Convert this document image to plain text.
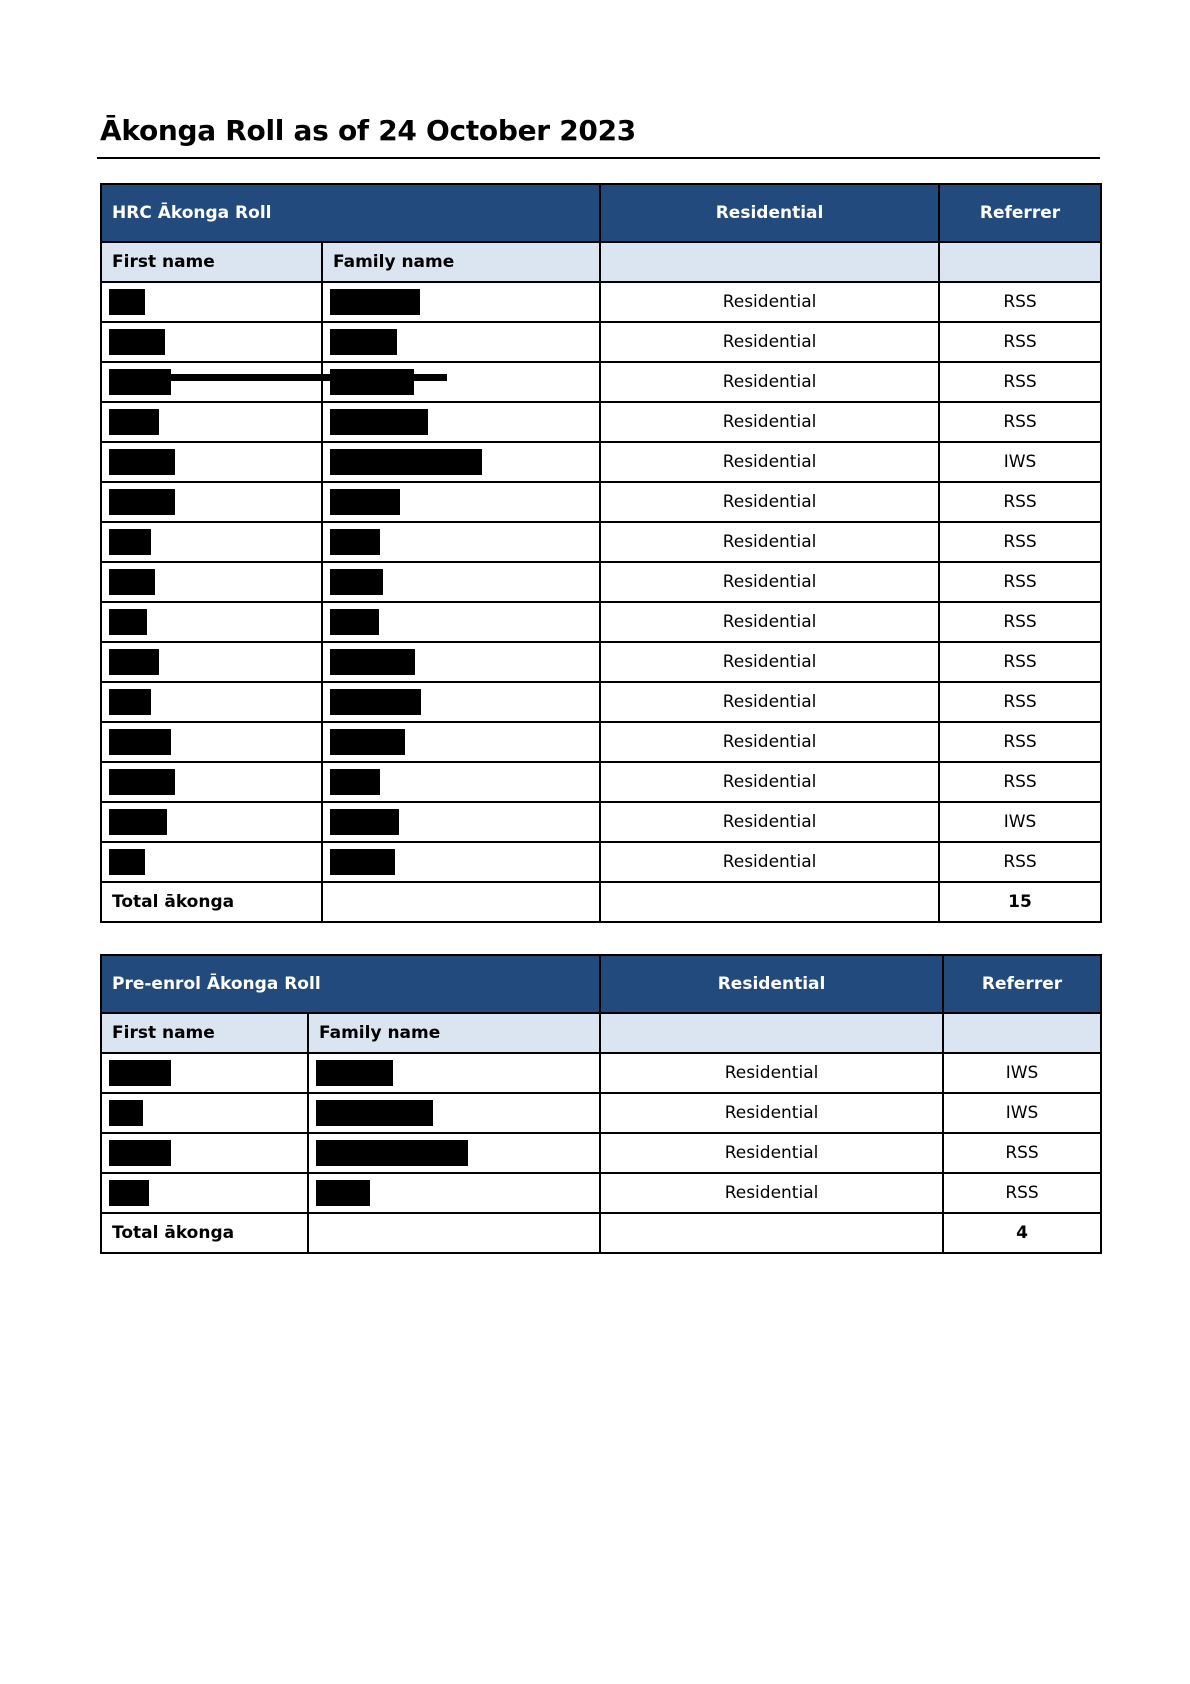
Ākonga Roll as of 24 October 2023
HRC Ākonga Roll		Residential	Referrer
First name	Family name		
		Residential	RSS
		Residential	RSS
		Residential	RSS
		Residential	RSS
		Residential	IWS
		Residential	RSS
		Residential	RSS
		Residential	RSS
		Residential	RSS
		Residential	RSS
		Residential	RSS
		Residential	RSS
		Residential	RSS
		Residential	IWS
		Residential	RSS
Total ākonga			15
Pre-enrol Ākonga Roll		Residential	Referrer
First name	Family name		
		Residential	IWS
		Residential	IWS
		Residential	RSS
		Residential	RSS
Total ākonga			4
